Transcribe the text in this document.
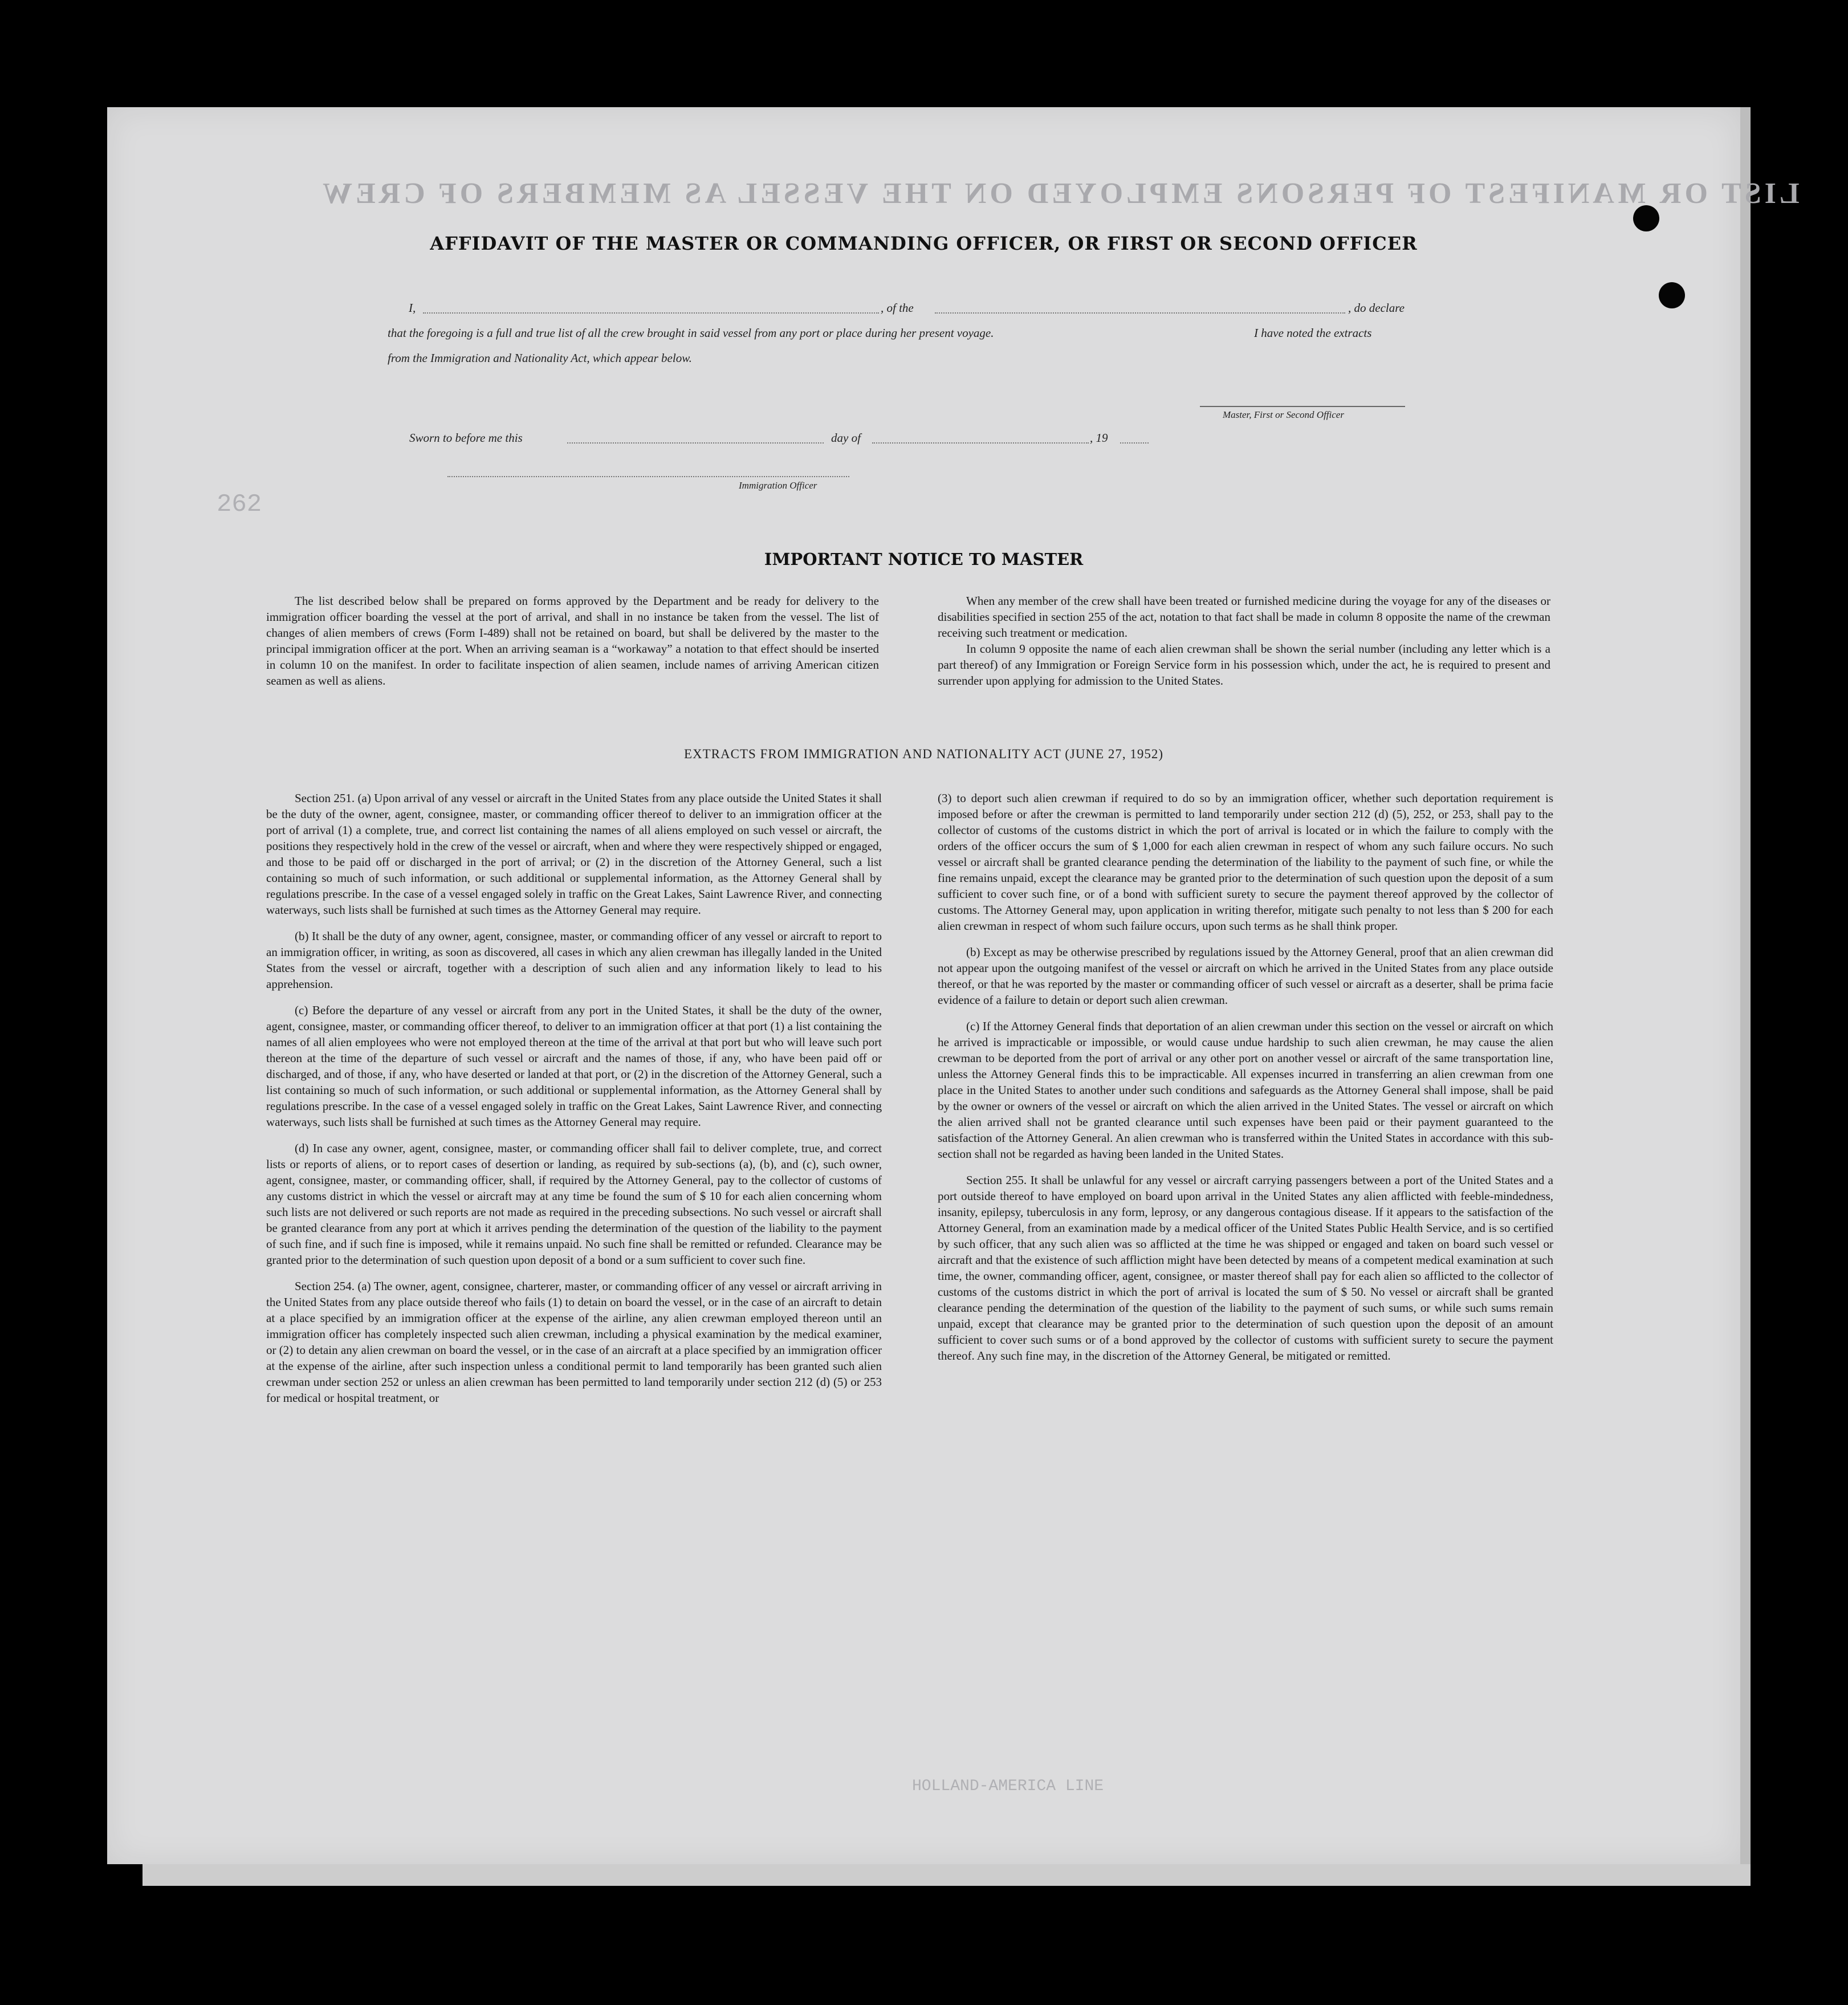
LIST OR MANIFEST OF PERSONS EMPLOYED ON THE VESSEL AS MEMBERS OF CREW
262
HOLLAND-AMERICA LINE
AFFIDAVIT OF THE MASTER OR COMMANDING OFFICER, OR FIRST OR SECOND OFFICER
I,	, of the	, do declare
that the foregoing is a full and true list of all the crew brought in said vessel from any port or place during her present voyage.	I have noted the extracts
from the Immigration and Nationality Act, which appear below.
Master, First or Second Officer
Sworn to before me this	day of	, 19
Immigration Officer
IMPORTANT NOTICE TO MASTER

The list described below shall be prepared on forms approved by the Department and be ready for delivery to the immigration officer boarding the vessel at the port of arrival, and shall in no instance be taken from the vessel. The list of changes of alien members of crews (Form I-489) shall not be retained on board, but shall be delivered by the master to the principal immigration officer at the port. When an arriving seaman is a “workaway” a notation to that effect should be inserted in column 10 on the manifest. In order to facilitate inspection of alien seamen, include names of arriving American citizen seamen as well as aliens.

When any member of the crew shall have been treated or furnished medicine during the voyage for any of the diseases or disabilities specified in section 255 of the act, notation to that fact shall be made in column 8 opposite the name of the crewman receiving such treatment or medication.

In column 9 opposite the name of each alien crewman shall be shown the serial number (including any letter which is a part thereof) of any Immigration or Foreign Service form in his possession which, under the act, he is required to present and surrender upon applying for admission to the United States.

EXTRACTS FROM IMMIGRATION AND NATIONALITY ACT (JUNE 27, 1952)

Section 251. (a) Upon arrival of any vessel or aircraft in the United States from any place outside the United States it shall be the duty of the owner, agent, consignee, master, or commanding officer thereof to deliver to an immigration officer at the port of arrival (1) a complete, true, and correct list containing the names of all aliens employed on such vessel or aircraft, the positions they respectively hold in the crew of the vessel or aircraft, when and where they were respectively shipped or engaged, and those to be paid off or discharged in the port of arrival; or (2) in the discretion of the Attorney General, such a list containing so much of such information, or such additional or supplemental information, as the Attorney General shall by regulations prescribe. In the case of a vessel engaged solely in traffic on the Great Lakes, Saint Lawrence River, and connecting waterways, such lists shall be furnished at such times as the Attorney General may require.

(b) It shall be the duty of any owner, agent, consignee, master, or commanding officer of any vessel or aircraft to report to an immigration officer, in writing, as soon as discovered, all cases in which any alien crewman has illegally landed in the United States from the vessel or aircraft, together with a description of such alien and any information likely to lead to his apprehension.

(c) Before the departure of any vessel or aircraft from any port in the United States, it shall be the duty of the owner, agent, consignee, master, or commanding officer thereof, to deliver to an immigration officer at that port (1) a list containing the names of all alien employees who were not employed thereon at the time of the arrival at that port but who will leave such port thereon at the time of the departure of such vessel or aircraft and the names of those, if any, who have been paid off or discharged, and of those, if any, who have deserted or landed at that port, or (2) in the discretion of the Attorney General, such a list containing so much of such information, or such additional or supplemental information, as the Attorney General shall by regulations prescribe. In the case of a vessel engaged solely in traffic on the Great Lakes, Saint Lawrence River, and connecting waterways, such lists shall be furnished at such times as the Attorney General may require.

(d) In case any owner, agent, consignee, master, or commanding officer shall fail to deliver complete, true, and correct lists or reports of aliens, or to report cases of desertion or landing, as required by sub-sections (a), (b), and (c), such owner, agent, consignee, master, or commanding officer, shall, if required by the Attorney General, pay to the collector of customs of any customs district in which the vessel or aircraft may at any time be found the sum of $ 10 for each alien concerning whom such lists are not delivered or such reports are not made as required in the preceding subsections. No such vessel or aircraft shall be granted clearance from any port at which it arrives pending the determination of the question of the liability to the payment of such fine, and if such fine is imposed, while it remains unpaid. No such fine shall be remitted or refunded. Clearance may be granted prior to the determination of such question upon deposit of a bond or a sum sufficient to cover such fine.

Section 254. (a) The owner, agent, consignee, charterer, master, or commanding officer of any vessel or aircraft arriving in the United States from any place outside thereof who fails (1) to detain on board the vessel, or in the case of an aircraft to detain at a place specified by an immigration officer at the expense of the airline, any alien crewman employed thereon until an immigration officer has completely inspected such alien crewman, including a physical examination by the medical examiner, or (2) to detain any alien crewman on board the vessel, or in the case of an aircraft at a place specified by an immigration officer at the expense of the airline, after such inspection unless a conditional permit to land temporarily has been granted such alien crewman under section 252 or unless an alien crewman has been permitted to land temporarily under section 212 (d) (5) or 253 for medical or hospital treatment, or

(3) to deport such alien crewman if required to do so by an immigration officer, whether such deportation requirement is imposed before or after the crewman is permitted to land temporarily under section 212 (d) (5), 252, or 253, shall pay to the collector of customs of the customs district in which the port of arrival is located or in which the failure to comply with the orders of the officer occurs the sum of $ 1,000 for each alien crewman in respect of whom any such failure occurs. No such vessel or aircraft shall be granted clearance pending the determination of the liability to the payment of such fine, or while the fine remains unpaid, except the clearance may be granted prior to the determination of such question upon the deposit of a sum sufficient to cover such fine, or of a bond with sufficient surety to secure the payment thereof approved by the collector of customs. The Attorney General may, upon application in writing therefor, mitigate such penalty to not less than $ 200 for each alien crewman in respect of whom such failure occurs, upon such terms as he shall think proper.

(b) Except as may be otherwise prescribed by regulations issued by the Attorney General, proof that an alien crewman did not appear upon the outgoing manifest of the vessel or aircraft on which he arrived in the United States from any place outside thereof, or that he was reported by the master or commanding officer of such vessel or aircraft as a deserter, shall be prima facie evidence of a failure to detain or deport such alien crewman.

(c) If the Attorney General finds that deportation of an alien crewman under this section on the vessel or aircraft on which he arrived is impracticable or impossible, or would cause undue hardship to such alien crewman, he may cause the alien crewman to be deported from the port of arrival or any other port on another vessel or aircraft of the same transportation line, unless the Attorney General finds this to be impracticable. All expenses incurred in transferring an alien crewman from one place in the United States to another under such conditions and safeguards as the Attorney General shall impose, shall be paid by the owner or owners of the vessel or aircraft on which the alien arrived in the United States. The vessel or aircraft on which the alien arrived shall not be granted clearance until such expenses have been paid or their payment guaranteed to the satisfaction of the Attorney General. An alien crewman who is transferred within the United States in accordance with this sub-section shall not be regarded as having been landed in the United States.

Section 255. It shall be unlawful for any vessel or aircraft carrying passengers between a port of the United States and a port outside thereof to have employed on board upon arrival in the United States any alien afflicted with feeble-mindedness, insanity, epilepsy, tuberculosis in any form, leprosy, or any dangerous contagious disease. If it appears to the satisfaction of the Attorney General, from an examination made by a medical officer of the United States Public Health Service, and is so certified by such officer, that any such alien was so afflicted at the time he was shipped or engaged and taken on board such vessel or aircraft and that the existence of such affliction might have been detected by means of a competent medical examination at such time, the owner, commanding officer, agent, consignee, or master thereof shall pay for each alien so afflicted to the collector of customs of the customs district in which the port of arrival is located the sum of $ 50. No vessel or aircraft shall be granted clearance pending the determination of the question of the liability to the payment of such sums, or while such sums remain unpaid, except that clearance may be granted prior to the determination of such question upon the deposit of an amount sufficient to cover such sums or of a bond approved by the collector of customs with sufficient surety to secure the payment thereof. Any such fine may, in the discretion of the Attorney General, be mitigated or remitted.
